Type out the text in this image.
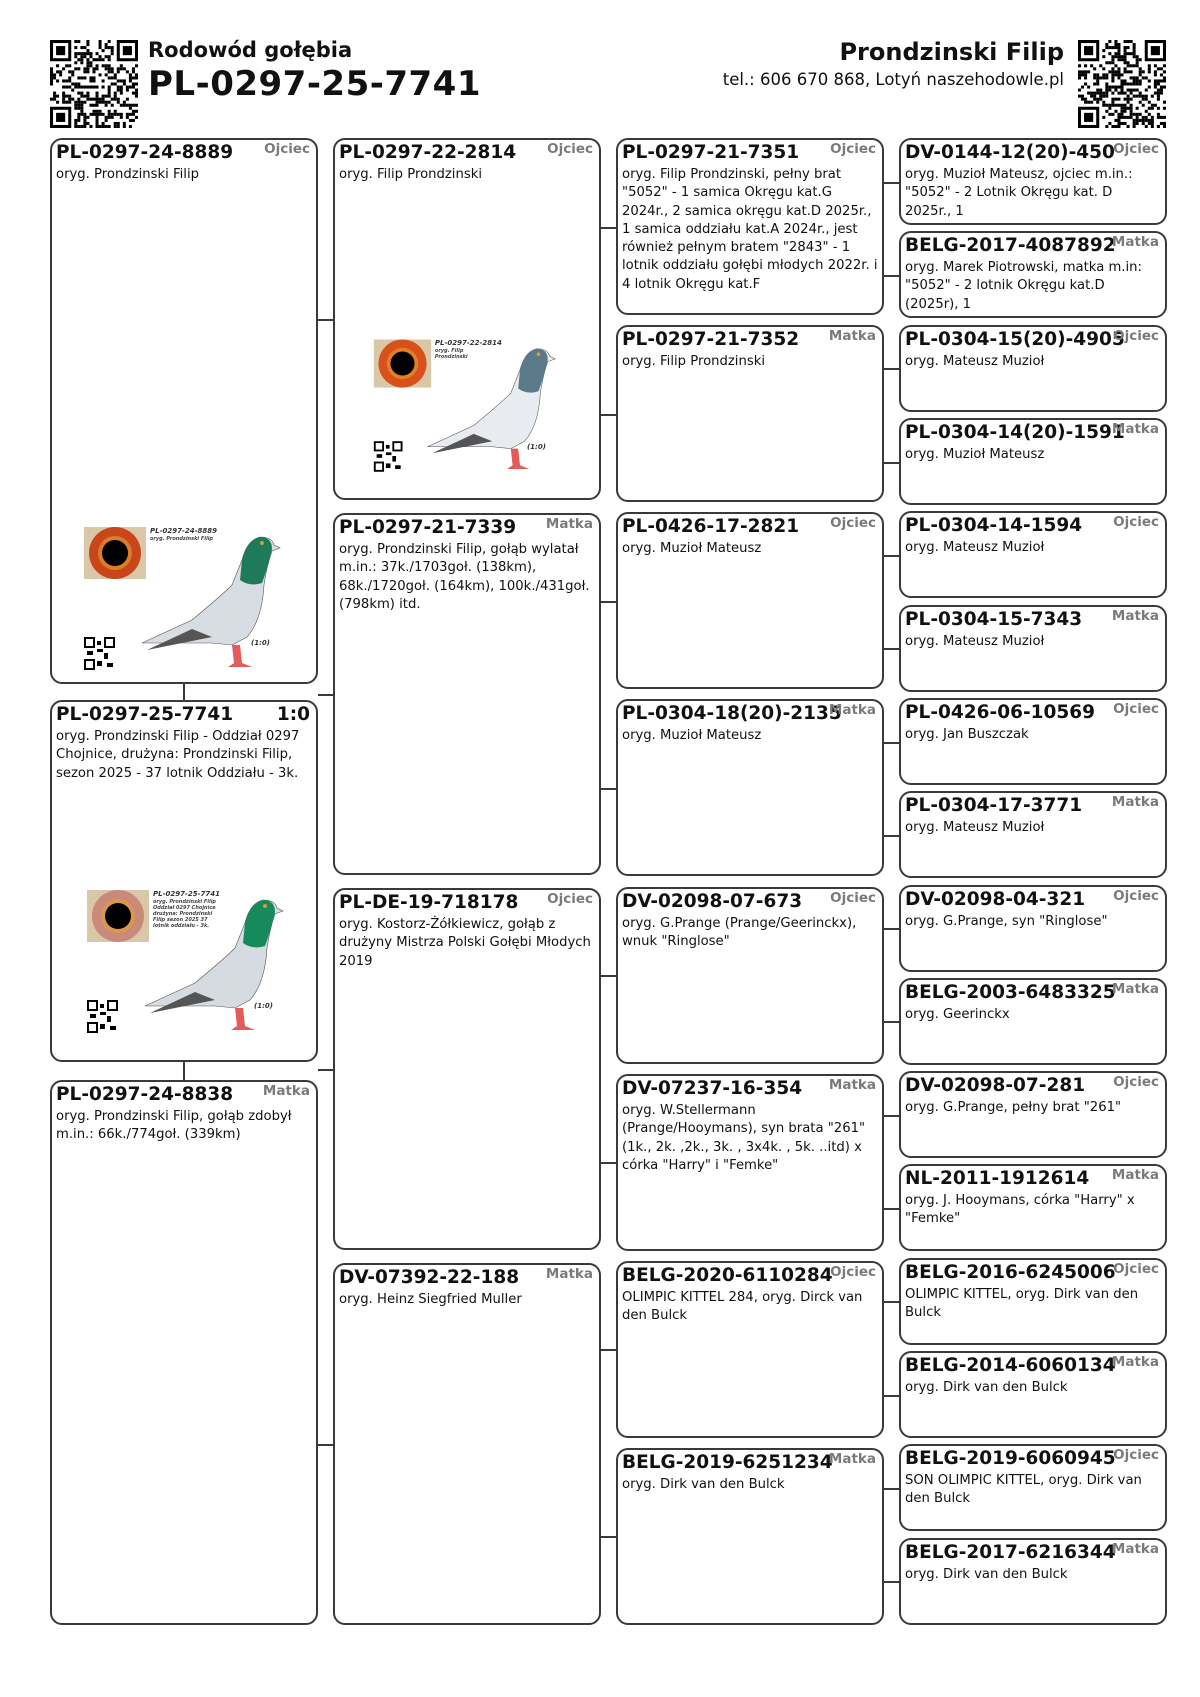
Rodowód gołębia
PL-0297-25-7741
Prondzinski Filip
tel.: 606 670 868, Lotyń naszehodowle.pl
PL-0297-24-8889 Ojciec
oryg. Prondzinski Filip
PL-0297-25-7741 1:0
oryg. Prondzinski Filip - Oddział 0297 Chojnice, drużyna: Prondzinski Filip, sezon 2025 - 37 lotnik Oddziału - 3k.
PL-0297-24-8838 Matka
oryg. Prondzinski Filip, gołąb zdobył m.in.: 66k./774goł. (339km)
PL-0297-22-2814 Ojciec
oryg. Filip Prondzinski
PL-0297-21-7339 Matka
oryg. Prondzinski Filip, gołąb wylatał m.in.: 37k./1703goł. (138km), 68k./1720goł. (164km), 100k./431goł. (798km) itd.
PL-DE-19-718178 Ojciec
oryg. Kostorz-Żółkiewicz, gołąb z drużyny Mistrza Polski Gołębi Młodych 2019
DV-07392-22-188 Matka
oryg. Heinz Siegfried Muller
PL-0297-21-7351 Ojciec
oryg. Filip Prondzinski, pełny brat "5052" - 1 samica Okręgu kat.G 2024r., 2 samica okręgu kat.D 2025r., 1 samica oddziału kat.A 2024r., jest również pełnym bratem "2843" - 1 lotnik oddziału gołębi młodych 2022r. i 4 lotnik Okręgu kat.F
PL-0297-21-7352 Matka
oryg. Filip Prondzinski
PL-0426-17-2821 Ojciec
oryg. Muzioł Mateusz
PL-0304-18(20)-2135
Matka
oryg. Muzioł Mateusz
DV-02098-07-673 Ojciec
oryg. G.Prange (Prange/Geerinckx), wnuk "Ringlose"
DV-07237-16-354 Matka
oryg. W.Stellermann (Prange/Hooymans), syn brata "261" (1k., 2k. ,2k., 3k. , 3x4k. , 5k. ..itd) x córka "Harry" i "Femke"
BELG-2020-6110284
Ojciec
OLIMPIC KITTEL 284, oryg. Dirck van den Bulck
BELG-2019-6251234
Matka
oryg. Dirk van den Bulck
DV-0144-12(20)-450
Ojciec
oryg. Muzioł Mateusz, ojciec m.in.: "5052" - 2 Lotnik Okręgu kat. D 2025r., 1
BELG-2017-4087892
Matka
oryg. Marek Piotrowski, matka m.in: "5052" - 2 lotnik Okręgu kat.D (2025r), 1
PL-0304-15(20)-4905
Ojciec
oryg. Mateusz Muzioł
PL-0304-14(20)-1591
Matka
oryg. Muzioł Mateusz
PL-0304-14-1594 Ojciec
oryg. Mateusz Muzioł
PL-0304-15-7343 Matka
oryg. Mateusz Muzioł
PL-0426-06-10569 Ojciec
oryg. Jan Buszczak
PL-0304-17-3771 Matka
oryg. Mateusz Muzioł
DV-02098-04-321 Ojciec
oryg. G.Prange, syn "Ringlose"
BELG-2003-6483325
Matka
oryg. Geerinckx
DV-02098-07-281 Ojciec
oryg. G.Prange, pełny brat "261"
NL-2011-1912614 Matka
oryg. J. Hooymans, córka "Harry" x "Femke"
BELG-2016-6245006
Ojciec
OLIMPIC KITTEL, oryg. Dirk van den Bulck
BELG-2014-6060134
Matka
oryg. Dirk van den Bulck
BELG-2019-6060945
Ojciec
SON OLIMPIC KITTEL, oryg. Dirk van den Bulck
BELG-2017-6216344
Matka
oryg. Dirk van den Bulck
PL-0297-24-8889
oryg. Prondzinski Filip
(1:0)
PL-0297-25-7741
oryg. Prondzinski Filip Oddział 0297 Chojnice drużyna: Prondzinski Filip sezon 2025 37 lotnik oddziału - 3k.
(1:0)
PL-0297-22-2814
oryg. Filip Prondzinski
(1:0)
